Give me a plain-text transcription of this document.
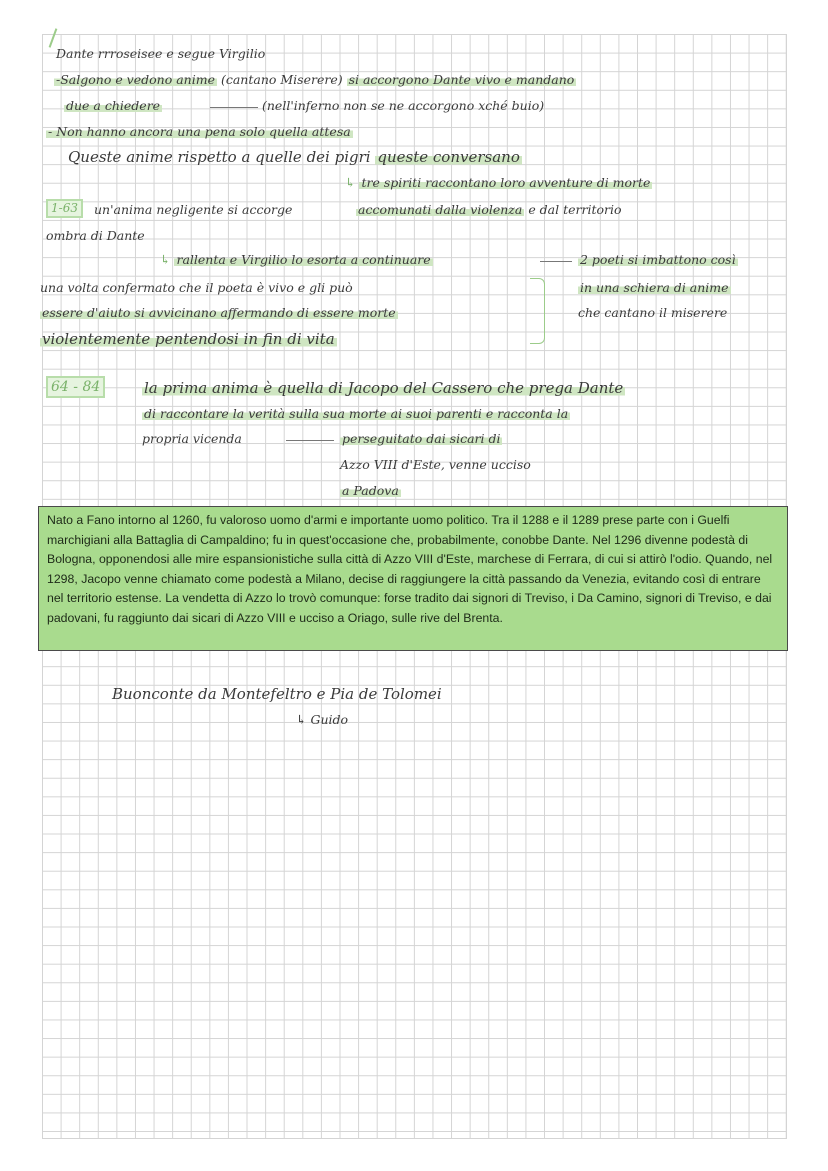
Dante rrroseisee e segue Virgilio
-Salgono e vedono anime (cantano Miserere) si accorgono Dante vivo e mandano
due a chiedere	(nell'inferno non se ne accorgono xché buio)
- Non hanno ancora una pena solo quella attesa
Queste anime rispetto a quelle dei pigri queste conversano
↳ tre spiriti raccontano loro avventure di morte
1-63	un'anima negligente si accorge	accomunati dalla violenza e dal territorio
ombra di Dante
↳ rallenta e Virgilio lo esorta a continuare	2 poeti si imbattono così
una volta confermato che il poeta è vivo e gli può	in una schiera di anime
essere d'aiuto si avvicinano affermando di essere morte	che cantano il miserere
violentemente pentendosi in fin di vita
64 - 84	la prima anima è quella di Jacopo del Cassero che prega Dante
di raccontare la verità sulla sua morte ai suoi parenti e racconta la
propria vicenda	perseguitato dai sicari di
Azzo VIII d'Este, venne ucciso
a Padova

Nato a Fano intorno al 1260, fu valoroso uomo d'armi e importante uomo politico. Tra il 1288 e il 1289 prese parte con i Guelfi marchigiani alla Battaglia di Campaldino; fu in quest'occasione che, probabilmente, conobbe Dante. Nel 1296 divenne podestà di Bologna, opponendosi alle mire espansionistiche sulla città di Azzo VIII d'Este, marchese di Ferrara, di cui si attirò l'odio. Quando, nel 1298, Jacopo venne chiamato come podestà a Milano, decise di raggiungere la città passando da Venezia, evitando così di entrare nel territorio estense. La vendetta di Azzo lo trovò comunque: forse tradito dai signori di Treviso, i Da Camino, signori di Treviso, e dai padovani, fu raggiunto dai sicari di Azzo VIII e ucciso a Oriago, sulle rive del Brenta.

Buonconte da Montefeltro e Pia de Tolomei
↳ Guido
